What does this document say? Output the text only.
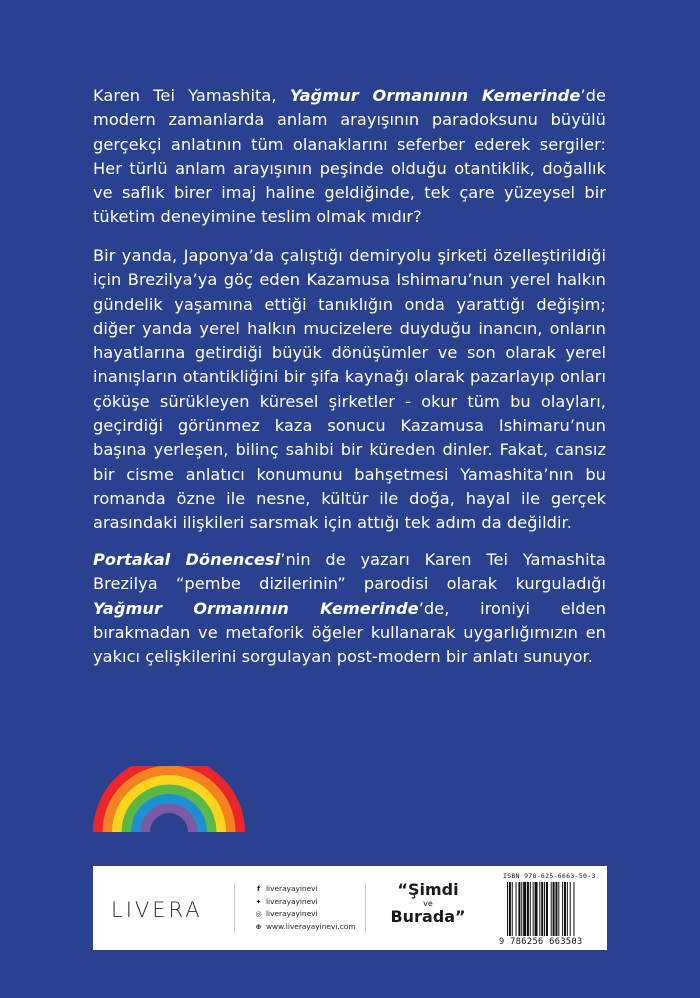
Karen Tei Yamashita, Yağmur Ormanının Kemerinde’de modern zamanlarda anlam arayışının paradoksunu büyülü gerçekçi anlatının tüm olanaklarını seferber ederek sergiler: Her türlü anlam arayışının peşinde olduğu otantiklik, doğallık ve saflık birer imaj haline geldiğinde, tek çare yüzeysel bir tüketim deneyimine teslim olmak mıdır?
Bir yanda, Japonya’da çalıştığı demiryolu şirketi özelleştirildiği için Brezilya’ya göç eden Kazamusa Ishimaru’nun yerel halkın gündelik yaşamına ettiği tanıklığın onda yarattığı değişim; diğer yanda yerel halkın mucizelere duyduğu inancın, onların hayatlarına getirdiği büyük dönüşümler ve son olarak yerel inanışların otantikliğini bir şifa kaynağı olarak pazarlayıp onları çöküşe sürükleyen küresel şirketler - okur tüm bu olayları, geçirdiği görünmez kaza sonucu Kazamusa Ishimaru’nun başına yerleşen, bilinç sahibi bir küreden dinler. Fakat, cansız bir cisme anlatıcı konumunu bahşetmesi Yamashita’nın bu romanda özne ile nesne, kültür ile doğa, hayal ile gerçek arasındaki ilişkileri sarsmak için attığı tek adım da değildir.
Portakal Dönencesi’nin de yazarı Karen Tei Yamashita Brezilya “pembe dizilerinin” parodisi olarak kurguladığı Yağmur Ormanının Kemerinde’de, ironiyi elden bırakmadan ve metaforik öğeler kullanarak uygarlığımızın en yakıcı çelişkilerini sorgulayan post-modern bir anlatı sunuyor.
LIVERA
f liverayayinevi
✦ liverayayinevi
◎ liverayayinevi
⊕ www.liverayayinevi.com
“Şimdi
ve
Burada”
ISBN 978-625-6663-50-3
9 786256 663503
